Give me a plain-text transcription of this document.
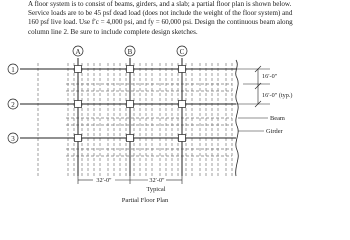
A floor system is to consist of beams, girders, and a slab; a partial floor plan is shown below.

Service loads are to be 45 psf dead load (does not include the weight of the floor system) and

160 psf live load. Use f′c = 4,000 psi, and fy = 60,000 psi. Design the continuous beam along

column line 2. Be sure to include complete design sketches.

A	B	C
1
2
3
16′-0″
16′-0″ (typ.)
Beam
Girder
32′-0″	32′-0″
Typical
Partial Floor Plan
